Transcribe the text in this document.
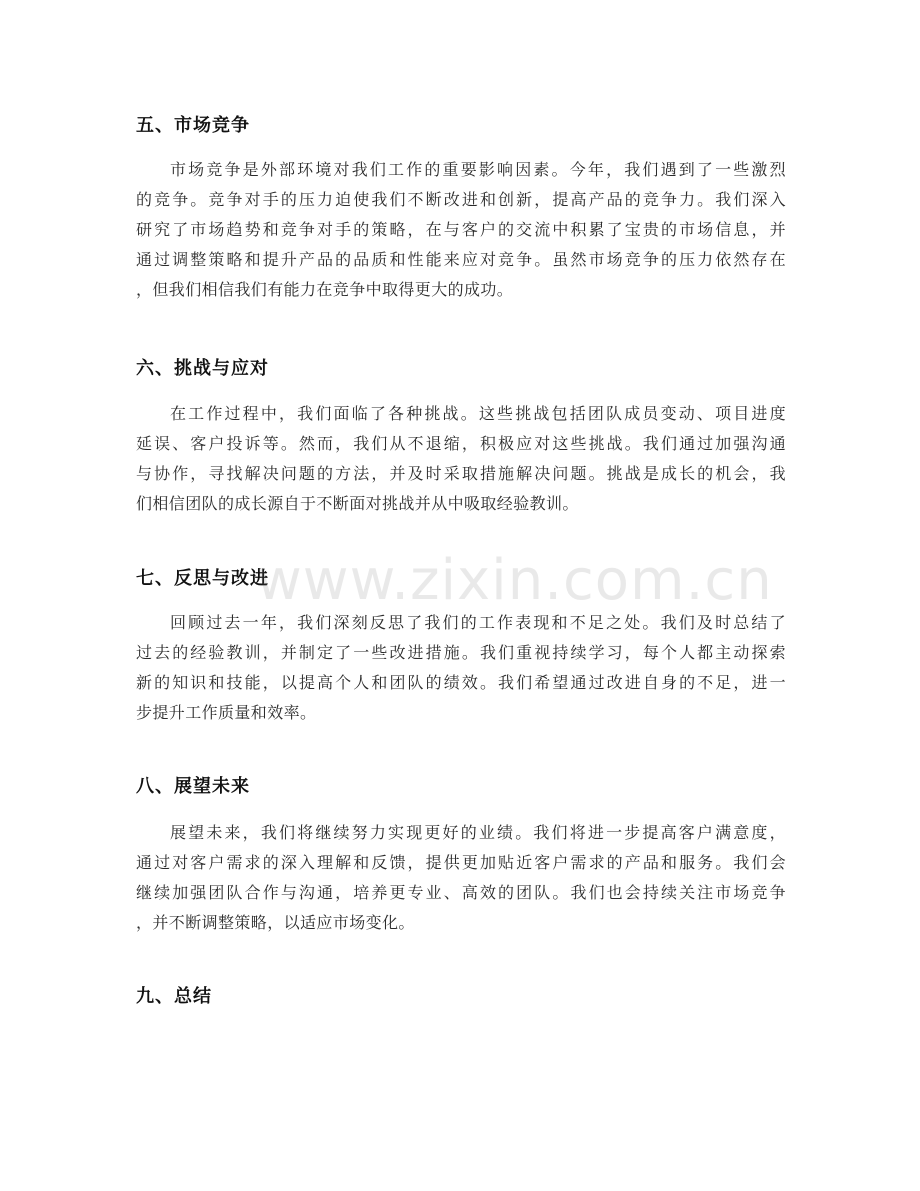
五、市场竞争
市场竞争是外部环境对我们工作的重要影响因素。今年，我们遇到了一些激烈
的竞争。竞争对手的压力迫使我们不断改进和创新，提高产品的竞争力。我们深入
研究了市场趋势和竞争对手的策略，在与客户的交流中积累了宝贵的市场信息，并
通过调整策略和提升产品的品质和性能来应对竞争。虽然市场竞争的压力依然存在
，但我们相信我们有能力在竞争中取得更大的成功。
六、挑战与应对
在工作过程中，我们面临了各种挑战。这些挑战包括团队成员变动、项目进度
延误、客户投诉等。然而，我们从不退缩，积极应对这些挑战。我们通过加强沟通
与协作，寻找解决问题的方法，并及时采取措施解决问题。挑战是成长的机会，我
们相信团队的成长源自于不断面对挑战并从中吸取经验教训。
七、反思与改进
回顾过去一年，我们深刻反思了我们的工作表现和不足之处。我们及时总结了
过去的经验教训，并制定了一些改进措施。我们重视持续学习，每个人都主动探索
新的知识和技能，以提高个人和团队的绩效。我们希望通过改进自身的不足，进一
步提升工作质量和效率。
八、展望未来
展望未来，我们将继续努力实现更好的业绩。我们将进一步提高客户满意度，
通过对客户需求的深入理解和反馈，提供更加贴近客户需求的产品和服务。我们会
继续加强团队合作与沟通，培养更专业、高效的团队。我们也会持续关注市场竞争
，并不断调整策略，以适应市场变化。
九、总结
www.zixin.com.cn
